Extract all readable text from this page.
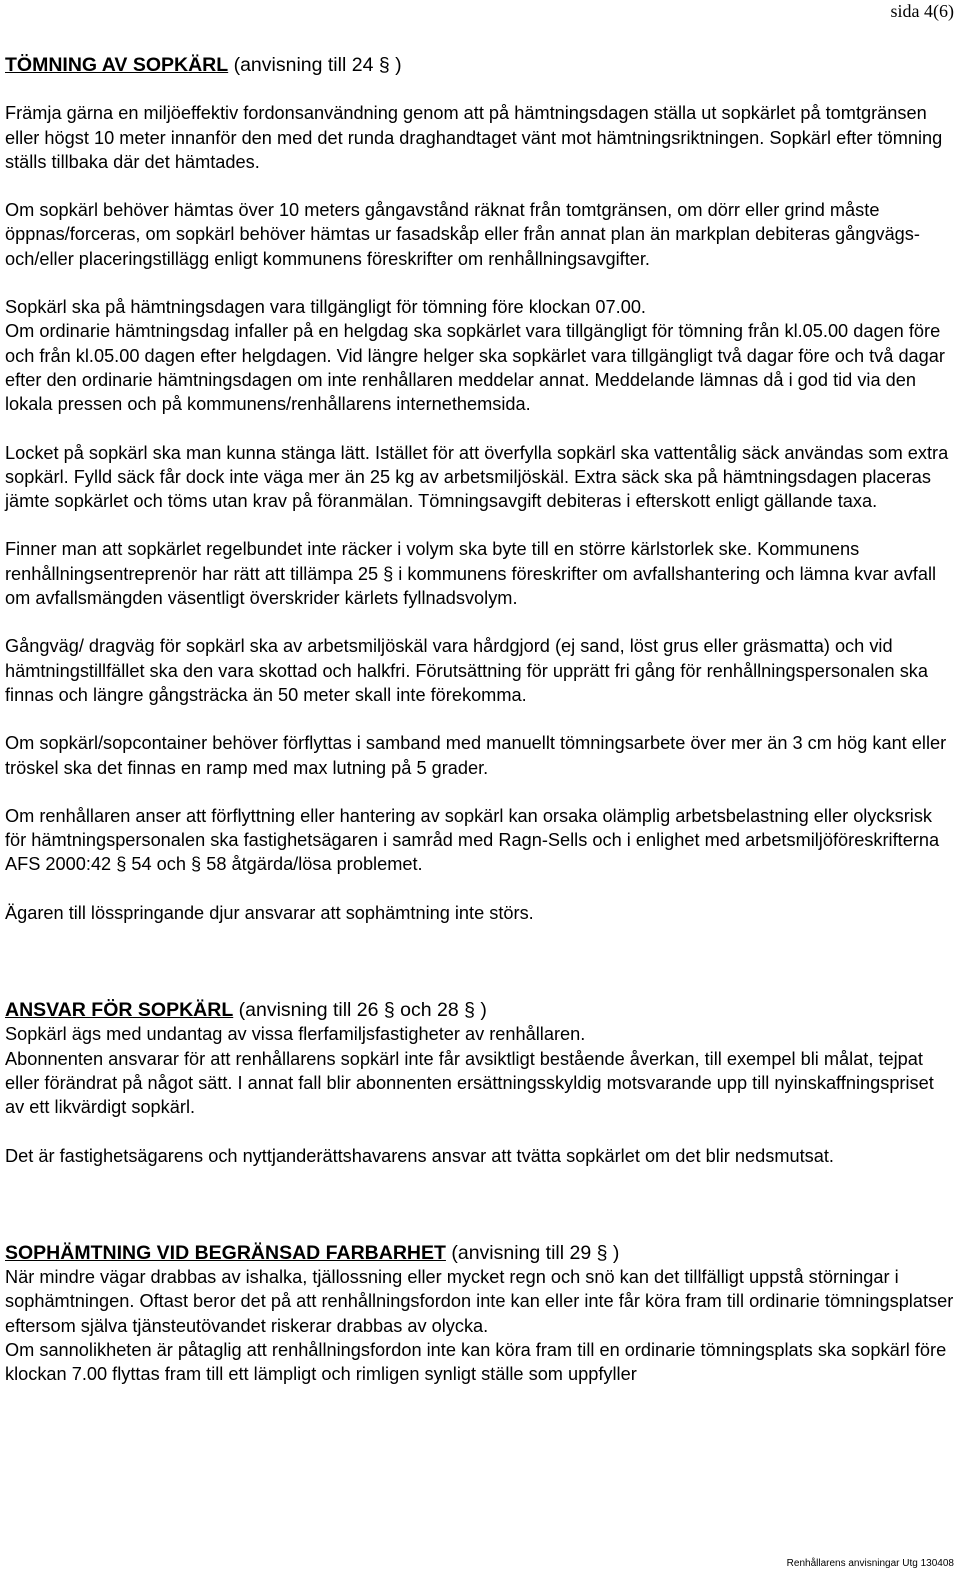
sida 4(6)

TÖMNING AV SOPKÄRL (anvisning till 24 § )

Främja gärna en miljöeffektiv fordonsanvändning genom att på hämtningsdagen ställa ut sopkärlet på tomtgränsen eller högst 10 meter innanför den med det runda draghandtaget vänt mot hämtningsriktningen. Sopkärl efter tömning ställs tillbaka där det hämtades.

Om sopkärl behöver hämtas över 10 meters gångavstånd räknat från tomtgränsen, om dörr eller grind måste öppnas/forceras, om sopkärl behöver hämtas ur fasadskåp eller från annat plan än markplan debiteras gångvägs- och/eller placeringstillägg enligt kommunens föreskrifter om renhållningsavgifter.

Sopkärl ska på hämtningsdagen vara tillgängligt för tömning före klockan 07.00.

Om ordinarie hämtningsdag infaller på en helgdag ska sopkärlet vara tillgängligt för tömning från kl.05.00 dagen före och från kl.05.00 dagen efter helgdagen. Vid längre helger ska sopkärlet vara tillgängligt två dagar före och två dagar efter den ordinarie hämtningsdagen om inte renhållaren meddelar annat. Meddelande lämnas då i god tid via den lokala pressen och på kommunens/renhållarens internethemsida.

Locket på sopkärl ska man kunna stänga lätt. Istället för att överfylla sopkärl ska vattentålig säck användas som extra sopkärl. Fylld säck får dock inte väga mer än 25 kg av arbetsmiljöskäl. Extra säck ska på hämtningsdagen placeras jämte sopkärlet och töms utan krav på föranmälan. Tömningsavgift debiteras i efterskott enligt gällande taxa.

Finner man att sopkärlet regelbundet inte räcker i volym ska byte till en större kärlstorlek ske. Kommunens renhållningsentreprenör har rätt att tillämpa 25 § i kommunens föreskrifter om avfallshantering och lämna kvar avfall om avfallsmängden väsentligt överskrider kärlets fyllnadsvolym.

Gångväg/ dragväg för sopkärl ska av arbetsmiljöskäl vara hårdgjord (ej sand, löst grus eller gräsmatta) och vid hämtningstillfället ska den vara skottad och halkfri. Förutsättning för upprätt fri gång för renhållningspersonalen ska finnas och längre gångsträcka än 50 meter skall inte förekomma.

Om sopkärl/sopcontainer behöver förflyttas i samband med manuellt tömningsarbete över mer än 3 cm hög kant eller tröskel ska det finnas en ramp med max lutning på 5 grader.

Om renhållaren anser att förflyttning eller hantering av sopkärl kan orsaka olämplig arbetsbelastning eller olycksrisk för hämtningspersonalen ska fastighetsägaren i samråd med Ragn-Sells och i enlighet med arbetsmiljöföreskrifterna AFS 2000:42 § 54 och § 58 åtgärda/lösa problemet.

Ägaren till lösspringande djur ansvarar att sophämtning inte störs.

ANSVAR FÖR SOPKÄRL (anvisning till 26 § och 28 § )

Sopkärl ägs med undantag av vissa flerfamiljsfastigheter av renhållaren.

Abonnenten ansvarar för att renhållarens sopkärl inte får avsiktligt bestående åverkan, till exempel bli målat, tejpat eller förändrat på något sätt. I annat fall blir abonnenten ersättningsskyldig motsvarande upp till nyinskaffningspriset av ett likvärdigt sopkärl.

Det är fastighetsägarens och nyttjanderättshavarens ansvar att tvätta sopkärlet om det blir nedsmutsat.

SOPHÄMTNING VID BEGRÄNSAD FARBARHET (anvisning till 29 § )

När mindre vägar drabbas av ishalka, tjällossning eller mycket regn och snö kan det tillfälligt uppstå störningar i sophämtningen. Oftast beror det på att renhållningsfordon inte kan eller inte får köra fram till ordinarie tömningsplatser eftersom själva tjänsteutövandet riskerar drabbas av olycka.

Om sannolikheten är påtaglig att renhållningsfordon inte kan köra fram till en ordinarie tömningsplats ska sopkärl före klockan 7.00 flyttas fram till ett lämpligt och rimligen synligt ställe som uppfyller

Renhållarens anvisningar Utg 130408
